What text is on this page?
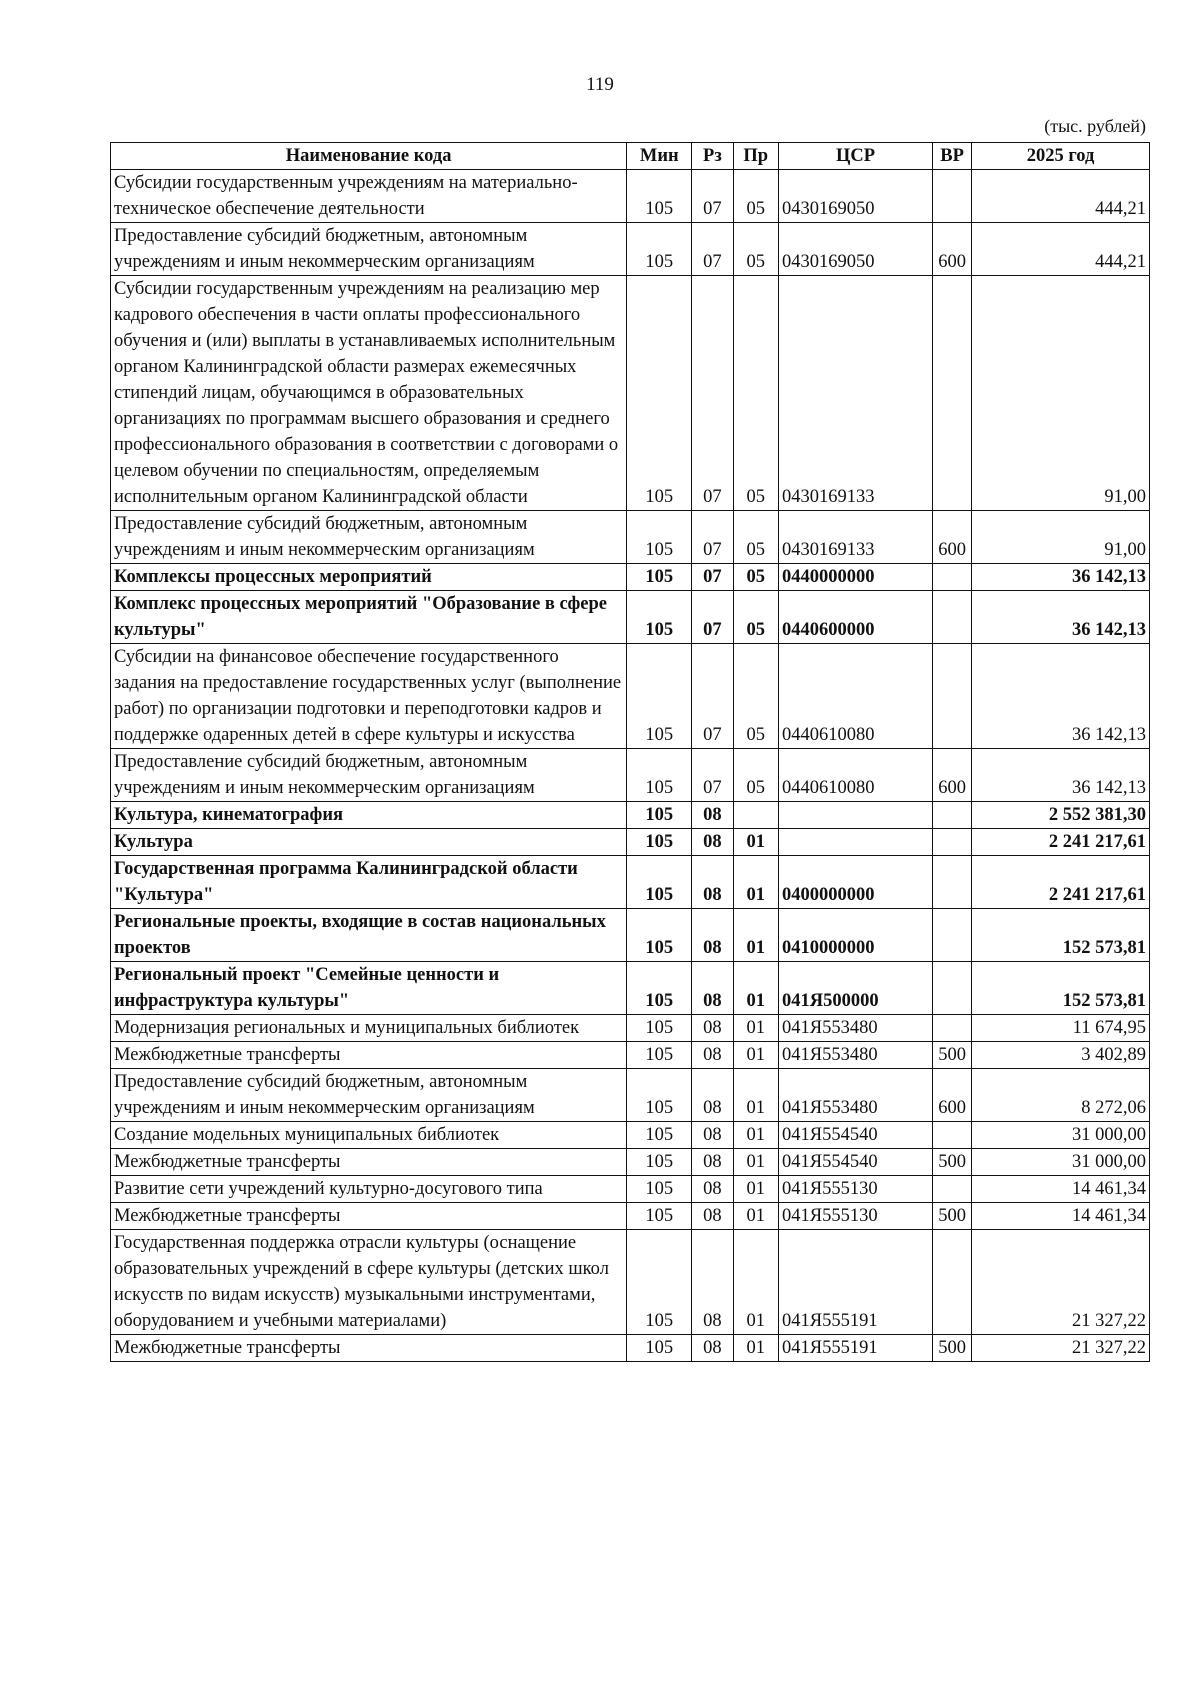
119
(тыс. рублей)
Наименование кода	Мин	Рз	Пр	ЦСР	ВР	2025 год
Субсидии государственным учреждениям на материально-техническое обеспечение деятельности	105	07	05	0430169050		444,21
Предоставление субсидий бюджетным, автономным учреждениям и иным некоммерческим организациям	105	07	05	0430169050	600	444,21
Субсидии государственным учреждениям на реализацию мер кадрового обеспечения в части оплаты профессионального обучения и (или) выплаты в устанавливаемых исполнительным органом Калининградской области размерах ежемесячных стипендий лицам, обучающимся в образовательных организациях по программам высшего образования и среднего профессионального образования в соответствии с договорами о целевом обучении по специальностям, определяемым исполнительным органом Калининградской области	105	07	05	0430169133		91,00
Предоставление субсидий бюджетным, автономным учреждениям и иным некоммерческим организациям	105	07	05	0430169133	600	91,00
Комплексы процессных мероприятий	105	07	05	0440000000		36 142,13
Комплекс процессных мероприятий "Образование в сфере культуры"	105	07	05	0440600000		36 142,13
Субсидии на финансовое обеспечение государственного задания на предоставление государственных услуг (выполнение работ) по организации подготовки и переподготовки кадров и поддержке одаренных детей в сфере культуры и искусства	105	07	05	0440610080		36 142,13
Предоставление субсидий бюджетным, автономным учреждениям и иным некоммерческим организациям	105	07	05	0440610080	600	36 142,13
Культура, кинематография	105	08				2 552 381,30
Культура	105	08	01			2 241 217,61
Государственная программа Калининградской области "Культура"	105	08	01	0400000000		2 241 217,61
Региональные проекты, входящие в состав национальных проектов	105	08	01	0410000000		152 573,81
Региональный проект "Семейные ценности и инфраструктура культуры"	105	08	01	041Я500000		152 573,81
Модернизация региональных и муниципальных библиотек	105	08	01	041Я553480		11 674,95
Межбюджетные трансферты	105	08	01	041Я553480	500	3 402,89
Предоставление субсидий бюджетным, автономным учреждениям и иным некоммерческим организациям	105	08	01	041Я553480	600	8 272,06
Создание модельных муниципальных библиотек	105	08	01	041Я554540		31 000,00
Межбюджетные трансферты	105	08	01	041Я554540	500	31 000,00
Развитие сети учреждений культурно-досугового типа	105	08	01	041Я555130		14 461,34
Межбюджетные трансферты	105	08	01	041Я555130	500	14 461,34
Государственная поддержка отрасли культуры (оснащение образовательных учреждений в сфере культуры (детских школ искусств по видам искусств) музыкальными инструментами, оборудованием и учебными материалами)	105	08	01	041Я555191		21 327,22
Межбюджетные трансферты	105	08	01	041Я555191	500	21 327,22
